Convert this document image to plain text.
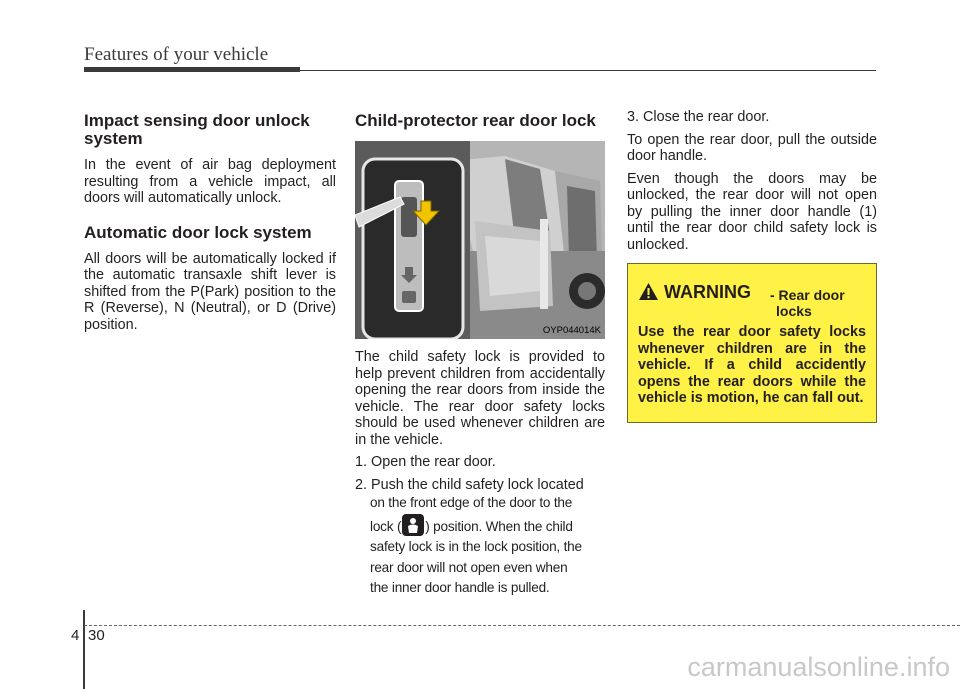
Features of your vehicle
Impact sensing door unlock system

In the event of air bag deployment resulting from a vehicle impact, all doors will automatically unlock.

Automatic door lock system

All doors will be automatically locked if the automatic transaxle shift lever is shifted from the P(Park) position to the R (Reverse), N (Neutral), or D (Drive) position.

Child-protector rear door lock
OYP044014K

The child safety lock is provided to help prevent children from accidentally opening the rear doors from inside the vehicle. The rear door safety locks should be used whenever children are in the vehicle.

1. Open the rear door.
2. Push the child safety lock located
on the front edge of the door to the
lock ( ) position. When the child
safety lock is in the lock position, the
rear door will not open even when
the inner door handle is pulled.

3. Close the rear door.

To open the rear door, pull the outside door handle.

Even though the doors may be unlocked, the rear door will not open by pulling the inner door handle (1) until the rear door child safety lock is unlocked.

WARNING - Rear door
locks
Use the rear door safety locks whenever children are in the vehicle. If a child accidently opens the rear doors while the vehicle is motion, he can fall out.
4 30
carmanualsonline.info
